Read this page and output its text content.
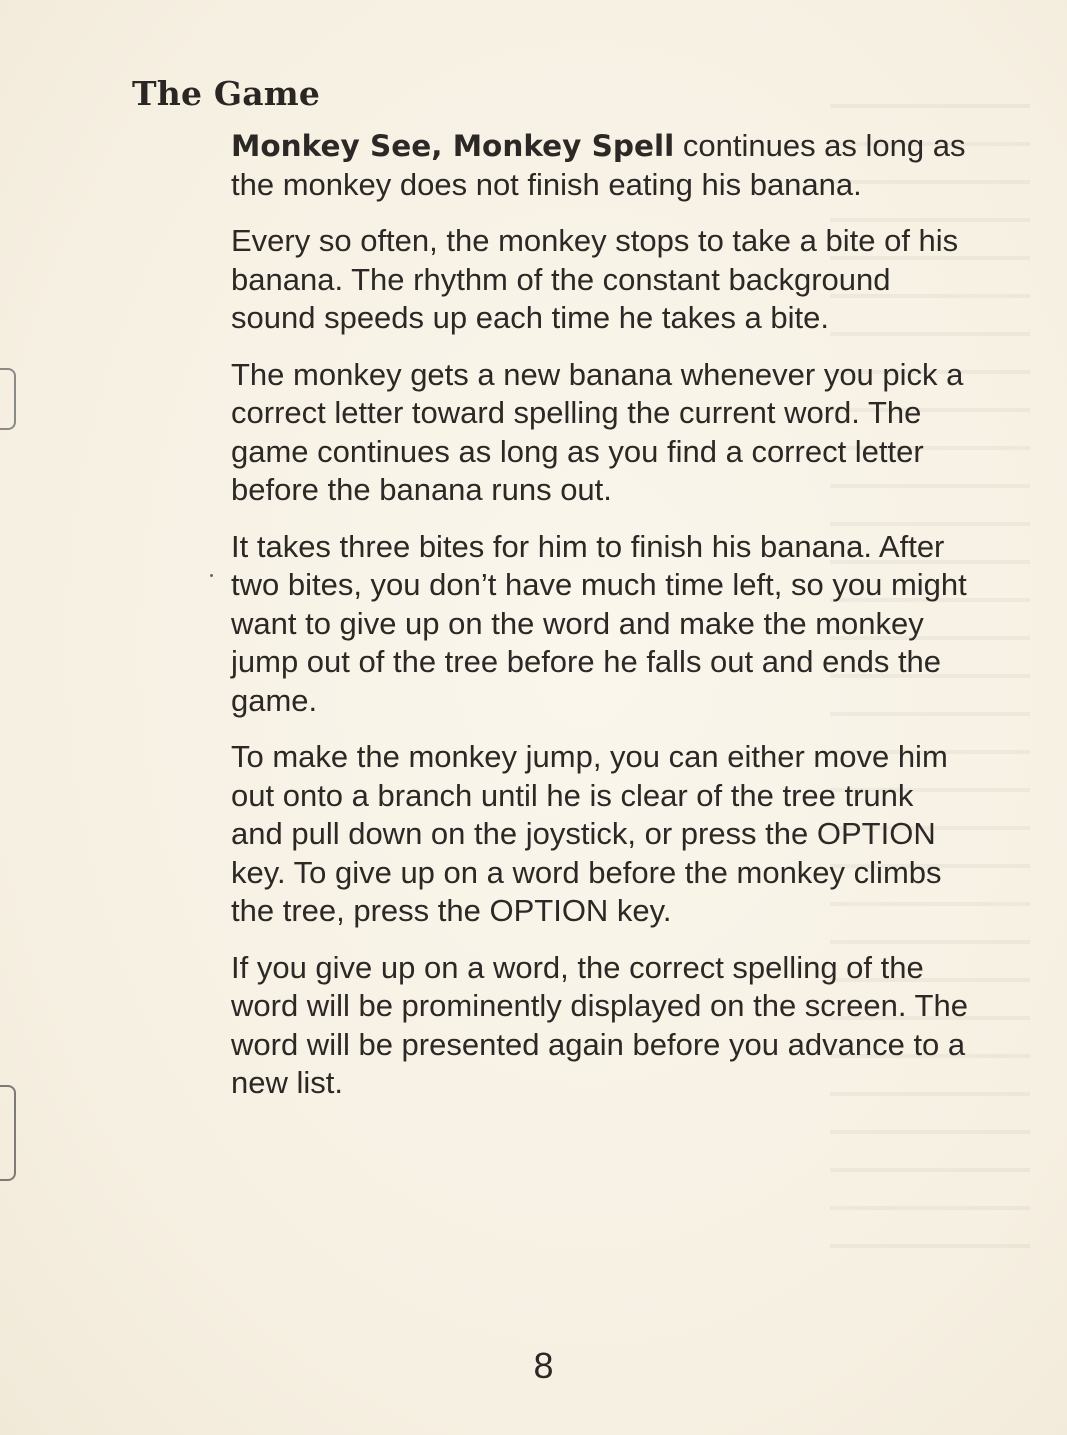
The Game

Monkey See, Monkey Spell continues as long as the monkey does not finish eating his banana.

Every so often, the monkey stops to take a bite of his banana. The rhythm of the constant background sound speeds up each time he takes a bite.

The monkey gets a new banana whenever you pick a correct letter toward spelling the current word. The game continues as long as you find a correct letter before the banana runs out.

It takes three bites for him to finish his banana. After two bites, you don’t have much time left, so you might want to give up on the word and make the monkey jump out of the tree before he falls out and ends the game.

To make the monkey jump, you can either move him out onto a branch until he is clear of the tree trunk and pull down on the joystick, or press the OPTION key. To give up on a word before the monkey climbs the tree, press the OPTION key.

If you give up on a word, the correct spelling of the word will be prominently displayed on the screen. The word will be presented again before you advance to a new list.

8
